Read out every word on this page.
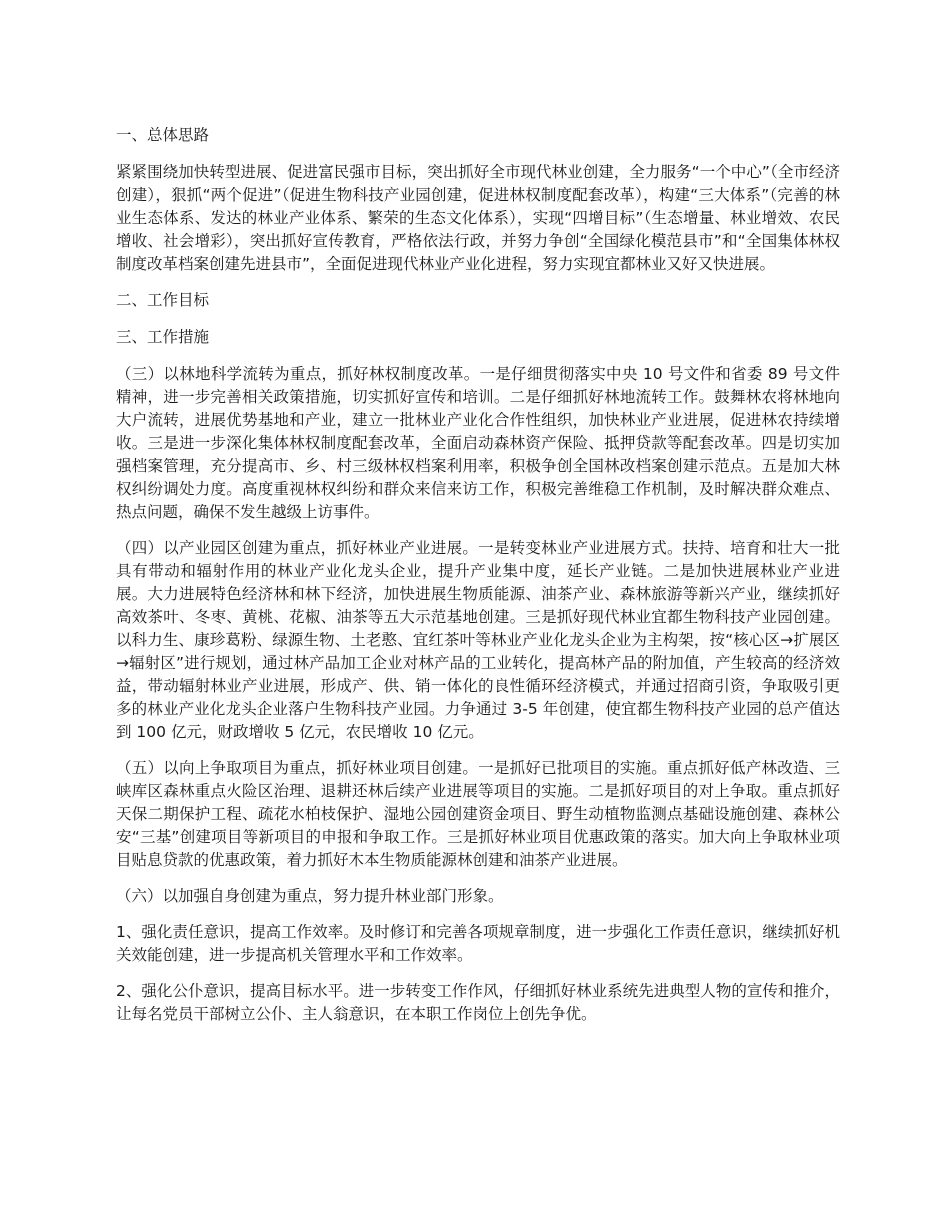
一、总体思路

紧紧围绕加快转型进展、促进富民强市目标，突出抓好全市现代林业创建，全力服务“一个中心”（全市经济创建），狠抓“两个促进”（促进生物科技产业园创建，促进林权制度配套改革），构建“三大体系”（完善的林业生态体系、发达的林业产业体系、繁荣的生态文化体系），实现“四增目标”（生态增量、林业增效、农民增收、社会增彩），突出抓好宣传教育，严格依法行政，并努力争创“全国绿化模范县市”和“全国集体林权制度改革档案创建先进县市”，全面促进现代林业产业化进程，努力实现宜都林业又好又快进展。

二、工作目标

三、工作措施

（三）以林地科学流转为重点，抓好林权制度改革。一是仔细贯彻落实中央 10 号文件和省委 89 号文件精神，进一步完善相关政策措施，切实抓好宣传和培训。二是仔细抓好林地流转工作。鼓舞林农将林地向大户流转，进展优势基地和产业，建立一批林业产业化合作性组织，加快林业产业进展，促进林农持续增收。三是进一步深化集体林权制度配套改革，全面启动森林资产保险、抵押贷款等配套改革。四是切实加强档案管理，充分提高市、乡、村三级林权档案利用率，积极争创全国林改档案创建示范点。五是加大林权纠纷调处力度。高度重视林权纠纷和群众来信来访工作，积极完善维稳工作机制，及时解决群众难点、热点问题，确保不发生越级上访事件。

（四）以产业园区创建为重点，抓好林业产业进展。一是转变林业产业进展方式。扶持、培育和壮大一批具有带动和辐射作用的林业产业化龙头企业，提升产业集中度，延长产业链。二是加快进展林业产业进展。大力进展特色经济林和林下经济，加快进展生物质能源、油茶产业、森林旅游等新兴产业，继续抓好高效茶叶、冬枣、黄桃、花椒、油茶等五大示范基地创建。三是抓好现代林业宜都生物科技产业园创建。以科力生、康珍葛粉、绿源生物、土老憨、宜红茶叶等林业产业化龙头企业为主构架，按“核心区→扩展区→辐射区”进行规划，通过林产品加工企业对林产品的工业转化，提高林产品的附加值，产生较高的经济效益，带动辐射林业产业进展，形成产、供、销一体化的良性循环经济模式，并通过招商引资，争取吸引更多的林业产业化龙头企业落户生物科技产业园。力争通过 3-5 年创建，使宜都生物科技产业园的总产值达到 100 亿元，财政增收 5 亿元，农民增收 10 亿元。

（五）以向上争取项目为重点，抓好林业项目创建。一是抓好已批项目的实施。重点抓好低产林改造、三峡库区森林重点火险区治理、退耕还林后续产业进展等项目的实施。二是抓好项目的对上争取。重点抓好天保二期保护工程、疏花水柏枝保护、湿地公园创建资金项目、野生动植物监测点基础设施创建、森林公安“三基”创建项目等新项目的申报和争取工作。三是抓好林业项目优惠政策的落实。加大向上争取林业项目贴息贷款的优惠政策，着力抓好木本生物质能源林创建和油茶产业进展。

（六）以加强自身创建为重点，努力提升林业部门形象。

1、强化责任意识，提高工作效率。及时修订和完善各项规章制度，进一步强化工作责任意识，继续抓好机关效能创建，进一步提高机关管理水平和工作效率。

2、强化公仆意识，提高目标水平。进一步转变工作作风，仔细抓好林业系统先进典型人物的宣传和推介，让每名党员干部树立公仆、主人翁意识，在本职工作岗位上创先争优。
